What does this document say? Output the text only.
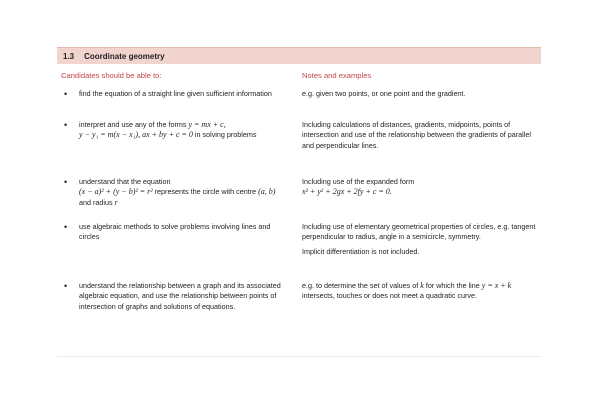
1.3 Coordinate geometry
Candidates should be able to:	Notes and examples
• find the equation of a straight line given sufficient information	e.g. given two points, or one point and the gradient.
• interpret and use any of the forms y = mx + c,
y − y₁ = m(x − x₁), ax + by + c = 0 in solving problems
Including calculations of distances, gradients, midpoints, points of intersection and use of the relationship between the gradients of parallel and perpendicular lines.
• understand that the equation
(x − a)² + (y − b)² = r² represents the circle with centre (a, b) and radius r
Including use of the expanded form
x² + y² + 2gx + 2fy + c = 0.
• use algebraic methods to solve problems involving lines and circles
Including use of elementary geometrical properties of circles, e.g. tangent perpendicular to radius, angle in a semicircle, symmetry.
Implicit differentiation is not included.
• understand the relationship between a graph and its associated algebraic equation, and use the relationship between points of intersection of graphs and solutions of equations.
e.g. to determine the set of values of k for which the line y = x + k intersects, touches or does not meet a quadratic curve.
